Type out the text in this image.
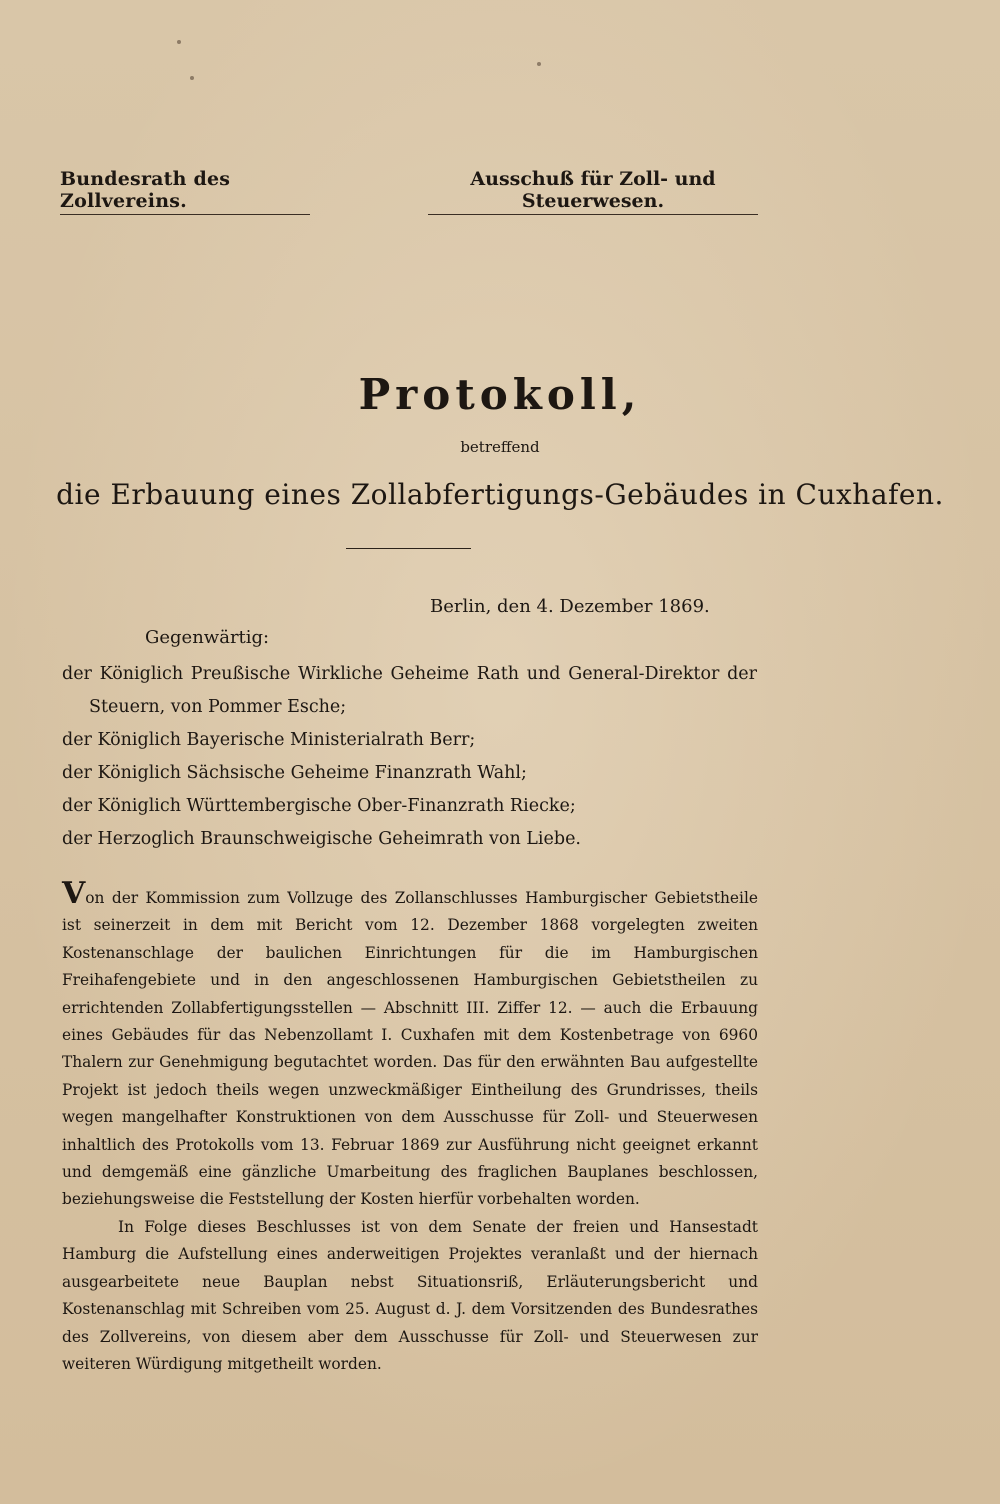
Bundesrath des Zollvereins.
Ausschuß für Zoll- und Steuerwesen.
Protokoll,
betreffend
die Erbauung eines Zollabfertigungs-Gebäudes in Cuxhafen.
Berlin, den 4. Dezember 1869.
Gegenwärtig:
der Königlich Preußische Wirkliche Geheime Rath und General-Direktor der Steuern, von Pommer Esche;
der Königlich Bayerische Ministerialrath Berr;
der Königlich Sächsische Geheime Finanzrath Wahl;
der Königlich Württembergische Ober-Finanzrath Riecke;
der Herzoglich Braunschweigische Geheimrath von Liebe.

Von der Kommission zum Vollzuge des Zollanschlusses Hamburgischer Gebietstheile ist seinerzeit in dem mit Bericht vom 12. Dezember 1868 vorgelegten zweiten Kostenanschlage der baulichen Einrichtungen für die im Hamburgischen Freihafengebiete und in den angeschlossenen Hamburgischen Gebietstheilen zu errichtenden Zollabfertigungsstellen — Abschnitt III. Ziffer 12. — auch die Erbauung eines Gebäudes für das Nebenzollamt I. Cuxhafen mit dem Kostenbetrage von 6960 Thalern zur Genehmigung begutachtet worden. Das für den erwähnten Bau aufgestellte Projekt ist jedoch theils wegen unzweckmäßiger Eintheilung des Grundrisses, theils wegen mangelhafter Konstruktionen von dem Ausschusse für Zoll- und Steuerwesen inhaltlich des Protokolls vom 13. Februar 1869 zur Ausführung nicht geeignet erkannt und demgemäß eine gänzliche Umarbeitung des fraglichen Bauplanes beschlossen, beziehungsweise die Feststellung der Kosten hierfür vorbehalten worden.

In Folge dieses Beschlusses ist von dem Senate der freien und Hansestadt Hamburg die Aufstellung eines anderweitigen Projektes veranlaßt und der hiernach ausgearbeitete neue Bauplan nebst Situationsriß, Erläuterungsbericht und Kostenanschlag mit Schreiben vom 25. August d. J. dem Vorsitzenden des Bundesrathes des Zollvereins, von diesem aber dem Ausschusse für Zoll- und Steuerwesen zur weiteren Würdigung mitgetheilt worden.
